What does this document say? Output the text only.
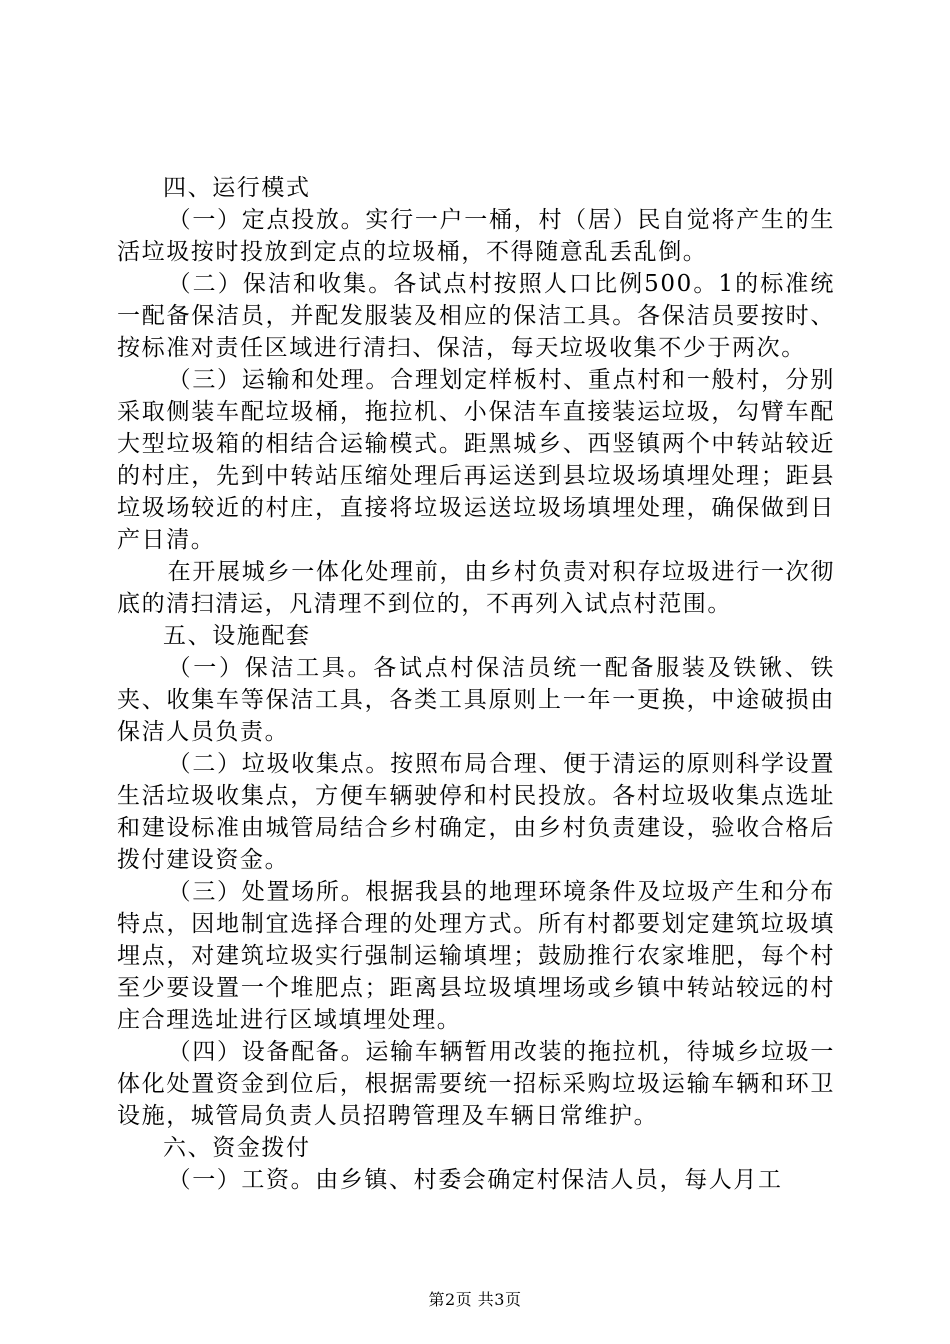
四、运行模式

（一）定点投放。实行一户一桶，村（居）民自觉将产生的生活垃圾按时投放到定点的垃圾桶，不得随意乱丢乱倒。

（二）保洁和收集。各试点村按照人口比例500。1的标准统一配备保洁员，并配发服装及相应的保洁工具。各保洁员要按时、按标准对责任区域进行清扫、保洁，每天垃圾收集不少于两次。

（三）运输和处理。合理划定样板村、重点村和一般村，分别采取侧装车配垃圾桶，拖拉机、小保洁车直接装运垃圾，勾臂车配大型垃圾箱的相结合运输模式。距黑城乡、西竖镇两个中转站较近的村庄，先到中转站压缩处理后再运送到县垃圾场填埋处理；距县垃圾场较近的村庄，直接将垃圾运送垃圾场填埋处理，确保做到日产日清。

在开展城乡一体化处理前，由乡村负责对积存垃圾进行一次彻底的清扫清运，凡清理不到位的，不再列入试点村范围。

五、设施配套

（一）保洁工具。各试点村保洁员统一配备服装及铁锹、铁夹、收集车等保洁工具，各类工具原则上一年一更换，中途破损由保洁人员负责。

（二）垃圾收集点。按照布局合理、便于清运的原则科学设置生活垃圾收集点，方便车辆驶停和村民投放。各村垃圾收集点选址和建设标准由城管局结合乡村确定，由乡村负责建设，验收合格后拨付建设资金。

（三）处置场所。根据我县的地理环境条件及垃圾产生和分布特点，因地制宜选择合理的处理方式。所有村都要划定建筑垃圾填埋点，对建筑垃圾实行强制运输填埋；鼓励推行农家堆肥，每个村至少要设置一个堆肥点；距离县垃圾填埋场或乡镇中转站较远的村庄合理选址进行区域填埋处理。

（四）设备配备。运输车辆暂用改装的拖拉机，待城乡垃圾一体化处置资金到位后，根据需要统一招标采购垃圾运输车辆和环卫设施，城管局负责人员招聘管理及车辆日常维护。

六、资金拨付

（一）工资。由乡镇、村委会确定村保洁人员，每人月工

第2页 共3页
